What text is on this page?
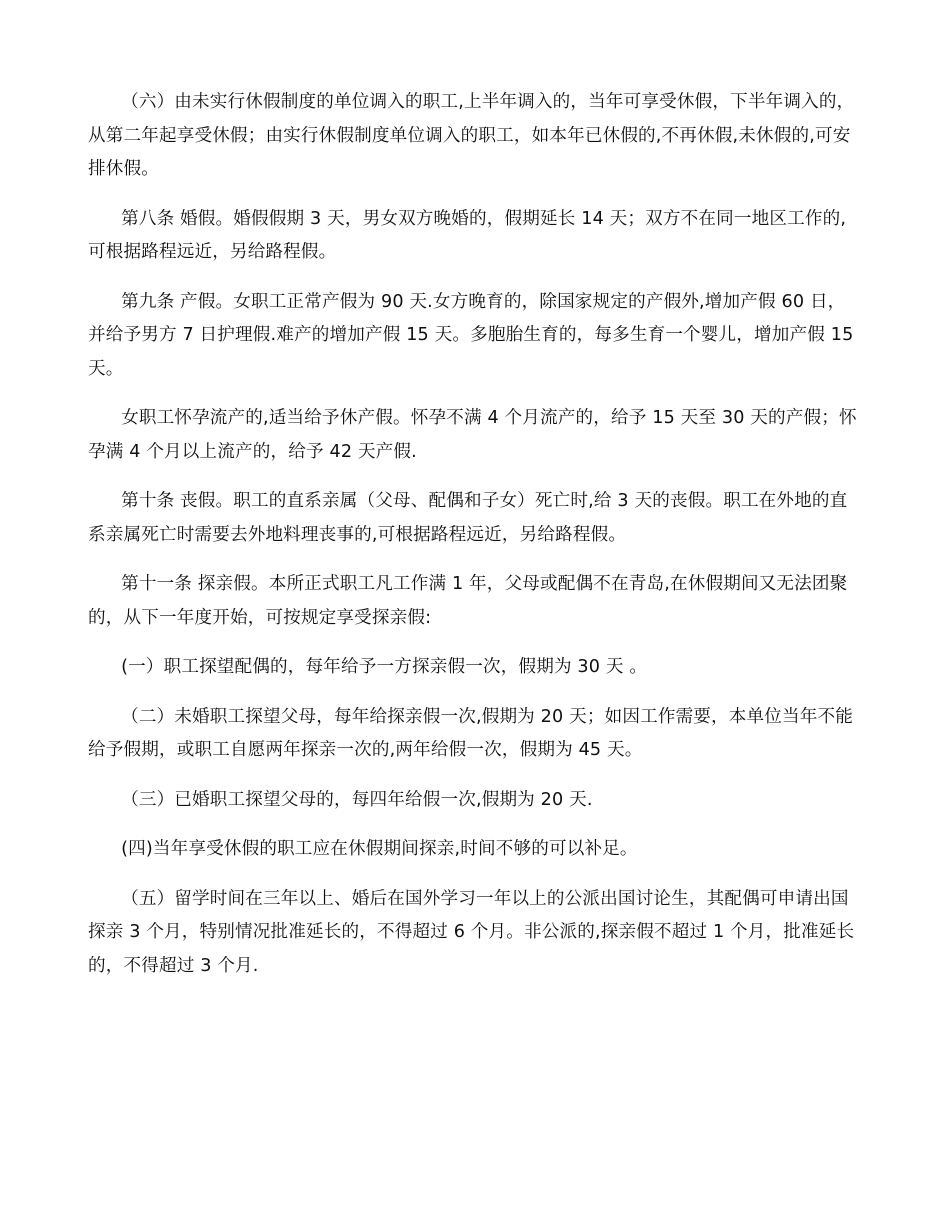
（六）由未实行休假制度的单位调入的职工,上半年调入的，当年可享受休假，下半年调入的，从第二年起享受休假；由实行休假制度单位调入的职工，如本年已休假的,不再休假,未休假的,可安排休假。

第八条 婚假。婚假假期 3 天，男女双方晚婚的，假期延长 14 天；双方不在同一地区工作的,可根据路程远近，另给路程假。

第九条 产假。女职工正常产假为 90 天.女方晚育的，除国家规定的产假外,增加产假 60 日，并给予男方 7 日护理假.难产的增加产假 15 天。多胞胎生育的，每多生育一个婴儿，增加产假 15 天。

女职工怀孕流产的,适当给予休产假。怀孕不满 4 个月流产的，给予 15 天至 30 天的产假；怀孕满 4 个月以上流产的，给予 42 天产假.

第十条 丧假。职工的直系亲属（父母、配偶和子女）死亡时,给 3 天的丧假。职工在外地的直系亲属死亡时需要去外地料理丧事的,可根据路程远近，另给路程假。

第十一条 探亲假。本所正式职工凡工作满 1 年，父母或配偶不在青岛,在休假期间又无法团聚的，从下一年度开始，可按规定享受探亲假:

(一）职工探望配偶的，每年给予一方探亲假一次，假期为 30 天 。

（二）未婚职工探望父母，每年给探亲假一次,假期为 20 天；如因工作需要，本单位当年不能给予假期，或职工自愿两年探亲一次的,两年给假一次，假期为 45 天。

（三）已婚职工探望父母的，每四年给假一次,假期为 20 天.

(四)当年享受休假的职工应在休假期间探亲,时间不够的可以补足。

（五）留学时间在三年以上、婚后在国外学习一年以上的公派出国讨论生，其配偶可申请出国探亲 3 个月，特别情况批准延长的，不得超过 6 个月。非公派的,探亲假不超过 1 个月，批准延长的，不得超过 3 个月.
